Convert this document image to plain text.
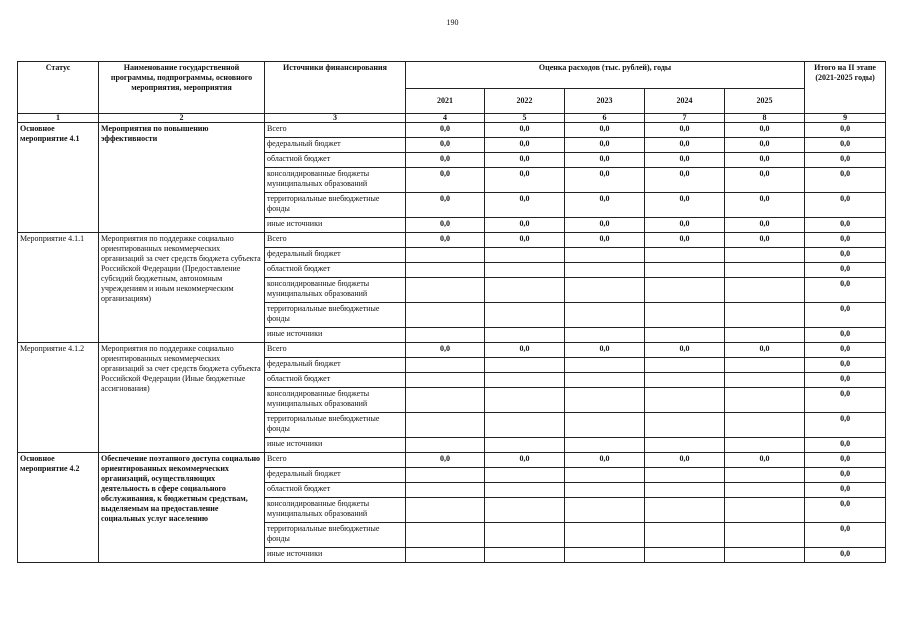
190
Статус	Наименование государственной программы, подпрограммы, основного мероприятия, мероприятия	Источники финансирования	Оценка расходов (тыс. рублей), годы					Итого на II этапе (2021-2025 годы)
			2021	2022	2023	2024	2025	
1	2	3	4	5	6	7	8	9
Основное мероприятие 4.1	Мероприятия по повышению эффективности	Всего	0,0	0,0	0,0	0,0	0,0	0,0
		федеральный бюджет	0,0	0,0	0,0	0,0	0,0	0,0
		областной бюджет	0,0	0,0	0,0	0,0	0,0	0,0
		консолидированные бюджеты муниципальных образований	0,0	0,0	0,0	0,0	0,0	0,0
		территориальные внебюджетные фонды	0,0	0,0	0,0	0,0	0,0	0,0
		иные источники	0,0	0,0	0,0	0,0	0,0	0,0
Мероприятие 4.1.1	Мероприятия по поддержке социально ориентированных некоммерческих организаций за счет средств бюджета субъекта Российской Федерации (Предоставление субсидий бюджетным, автономным учреждениям и иным некоммерческим организациям)	Всего	0,0	0,0	0,0	0,0	0,0	0,0
		федеральный бюджет						0,0
		областной бюджет						0,0
		консолидированные бюджеты муниципальных образований						0,0
		территориальные внебюджетные фонды						0,0
		иные источники						0,0
Мероприятие 4.1.2	Мероприятия по поддержке социально ориентированных некоммерческих организаций за счет средств бюджета субъекта Российской Федерации (Иные бюджетные ассигнования)	Всего	0,0	0,0	0,0	0,0	0,0	0,0
		федеральный бюджет						0,0
		областной бюджет						0,0
		консолидированные бюджеты муниципальных образований						0,0
		территориальные внебюджетные фонды						0,0
		иные источники						0,0
Основное мероприятие 4.2	Обеспечение поэтапного доступа социально ориентированных некоммерческих организаций, осуществляющих деятельность в сфере социального обслуживания, к бюджетным средствам, выделяемым на предоставление социальных услуг населению	Всего	0,0	0,0	0,0	0,0	0,0	0,0
		федеральный бюджет						0,0
		областной бюджет						0,0
		консолидированные бюджеты муниципальных образований						0,0
		территориальные внебюджетные фонды						0,0
		иные источники						0,0
